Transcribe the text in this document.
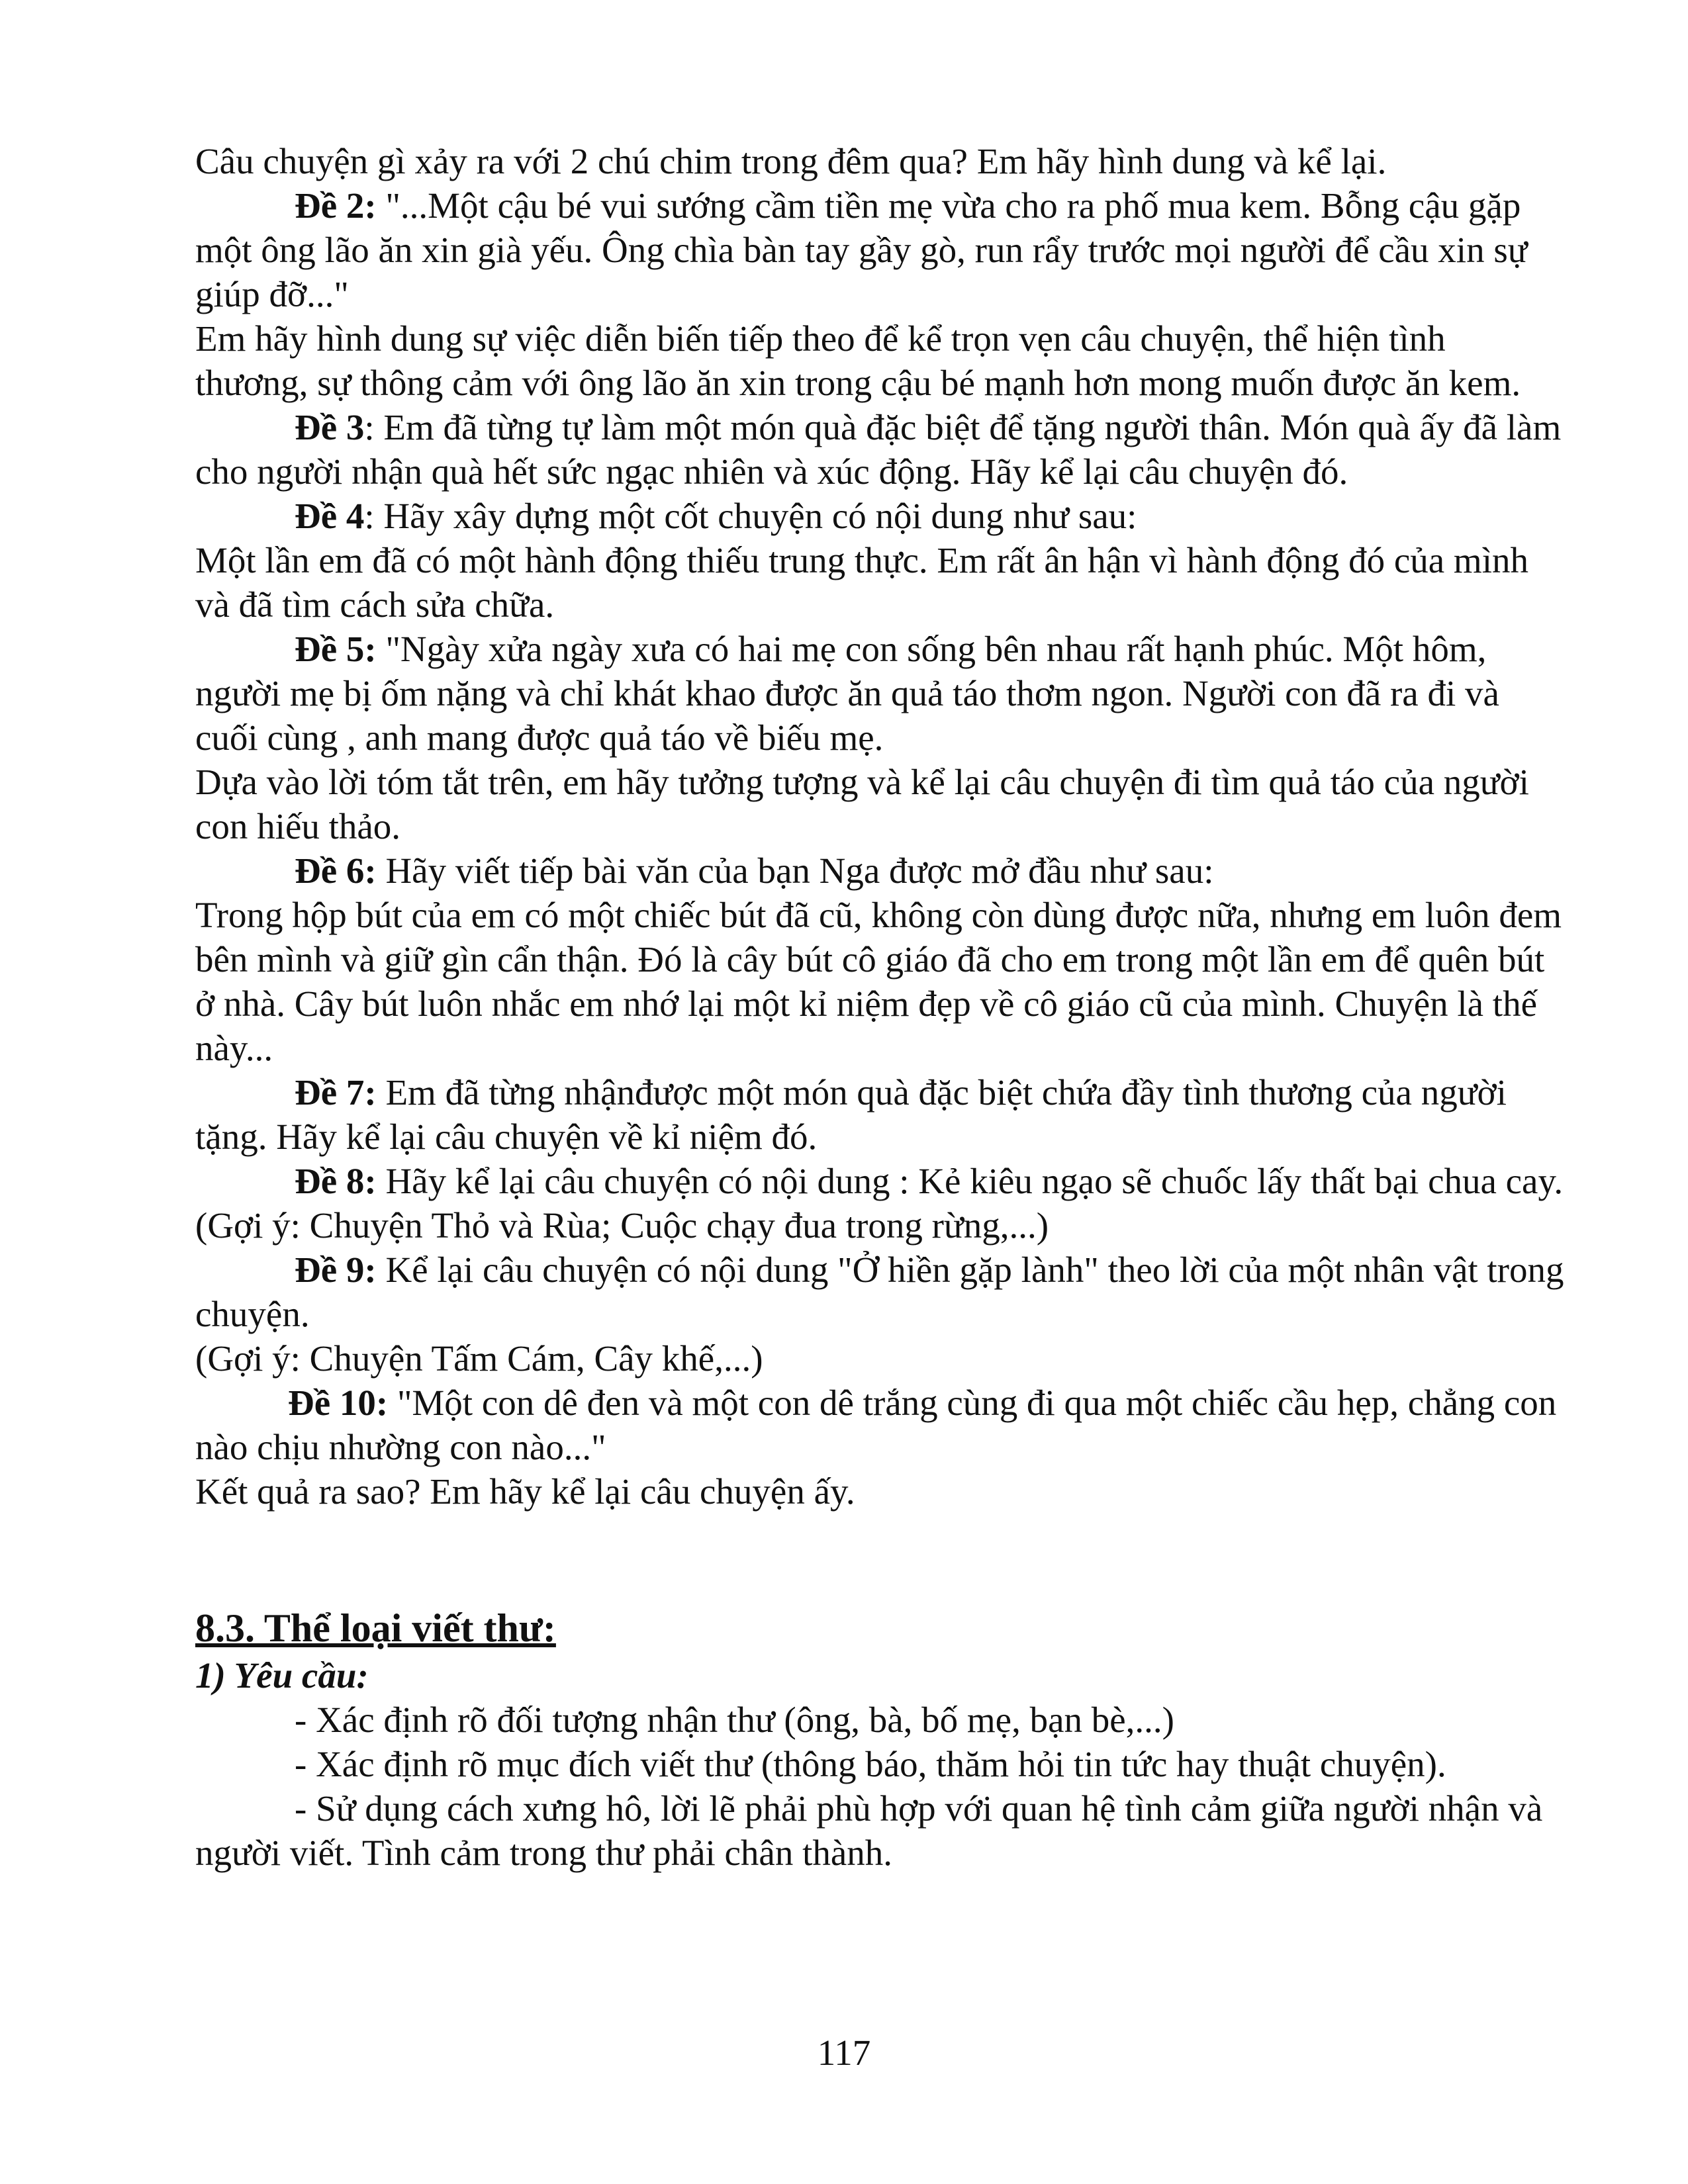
Câu chuyện gì xảy ra với 2 chú chim trong đêm qua? Em hãy hình dung và kể lại.

Đề 2: "...Một cậu bé vui sướng cầm tiền mẹ vừa cho ra phố mua kem. Bỗng cậu gặp một ông lão ăn xin già yếu. Ông chìa bàn tay gầy gò, run rẩy trước mọi người để cầu xin sự giúp đỡ..."

Em hãy hình dung sự việc diễn biến tiếp theo để kể trọn vẹn câu chuyện, thể hiện tình thương, sự thông cảm với ông lão ăn xin trong cậu bé mạnh hơn mong muốn được ăn kem.

Đề 3: Em đã từng tự làm một món quà đặc biệt để tặng người thân. Món quà ấy đã làm cho người nhận quà hết sức ngạc nhiên và xúc động. Hãy kể lại câu chuyện đó.

Đề 4: Hãy xây dựng một cốt chuyện có nội dung như sau:

Một lần em đã có một hành động thiếu trung thực. Em rất ân hận vì hành động đó của mình và đã tìm cách sửa chữa.

Đề 5: "Ngày xửa ngày xưa có hai mẹ con sống bên nhau rất hạnh phúc. Một hôm, người mẹ bị ốm nặng và chỉ khát khao được ăn quả táo thơm ngon. Người con đã ra đi và cuối cùng , anh mang được quả táo về biếu mẹ.

Dựa vào lời tóm tắt trên, em hãy tưởng tượng và kể lại câu chuyện đi tìm quả táo của người con hiếu thảo.

Đề 6: Hãy viết tiếp bài văn của bạn Nga được mở đầu như sau:

Trong hộp bút của em có một chiếc bút đã cũ, không còn dùng được nữa, nhưng em luôn đem bên mình và giữ gìn cẩn thận. Đó là cây bút cô giáo đã cho em trong một lần em để quên bút ở nhà. Cây bút luôn nhắc em nhớ lại một kỉ niệm đẹp về cô giáo cũ của mình. Chuyện là thế này...

Đề 7: Em đã từng nhậnđược một món quà đặc biệt chứa đầy tình thương của người tặng. Hãy kể lại câu chuyện về kỉ niệm đó.

Đề 8: Hãy kể lại câu chuyện có nội dung : Kẻ kiêu ngạo sẽ chuốc lấy thất bại chua cay.

(Gợi ý: Chuyện Thỏ và Rùa; Cuộc chạy đua trong rừng,...)

Đề 9: Kể lại câu chuyện có nội dung "Ở hiền gặp lành" theo lời của một nhân vật trong chuyện.

(Gợi ý: Chuyện Tấm Cám, Cây khế,...)

Đề 10: "Một con dê đen và một con dê trắng cùng đi qua một chiếc cầu hẹp, chẳng con nào chịu nhường con nào..."

Kết quả ra sao? Em hãy kể lại câu chuyện ấy.

8.3. Thể loại viết thư:

1) Yêu cầu:

- Xác định rõ đối tượng nhận thư (ông, bà, bố mẹ, bạn bè,...)

- Xác định rõ mục đích viết thư (thông báo, thăm hỏi tin tức hay thuật chuyện).

- Sử dụng cách xưng hô, lời lẽ phải phù hợp với quan hệ tình cảm giữa người nhận và người viết. Tình cảm trong thư phải chân thành.

117
